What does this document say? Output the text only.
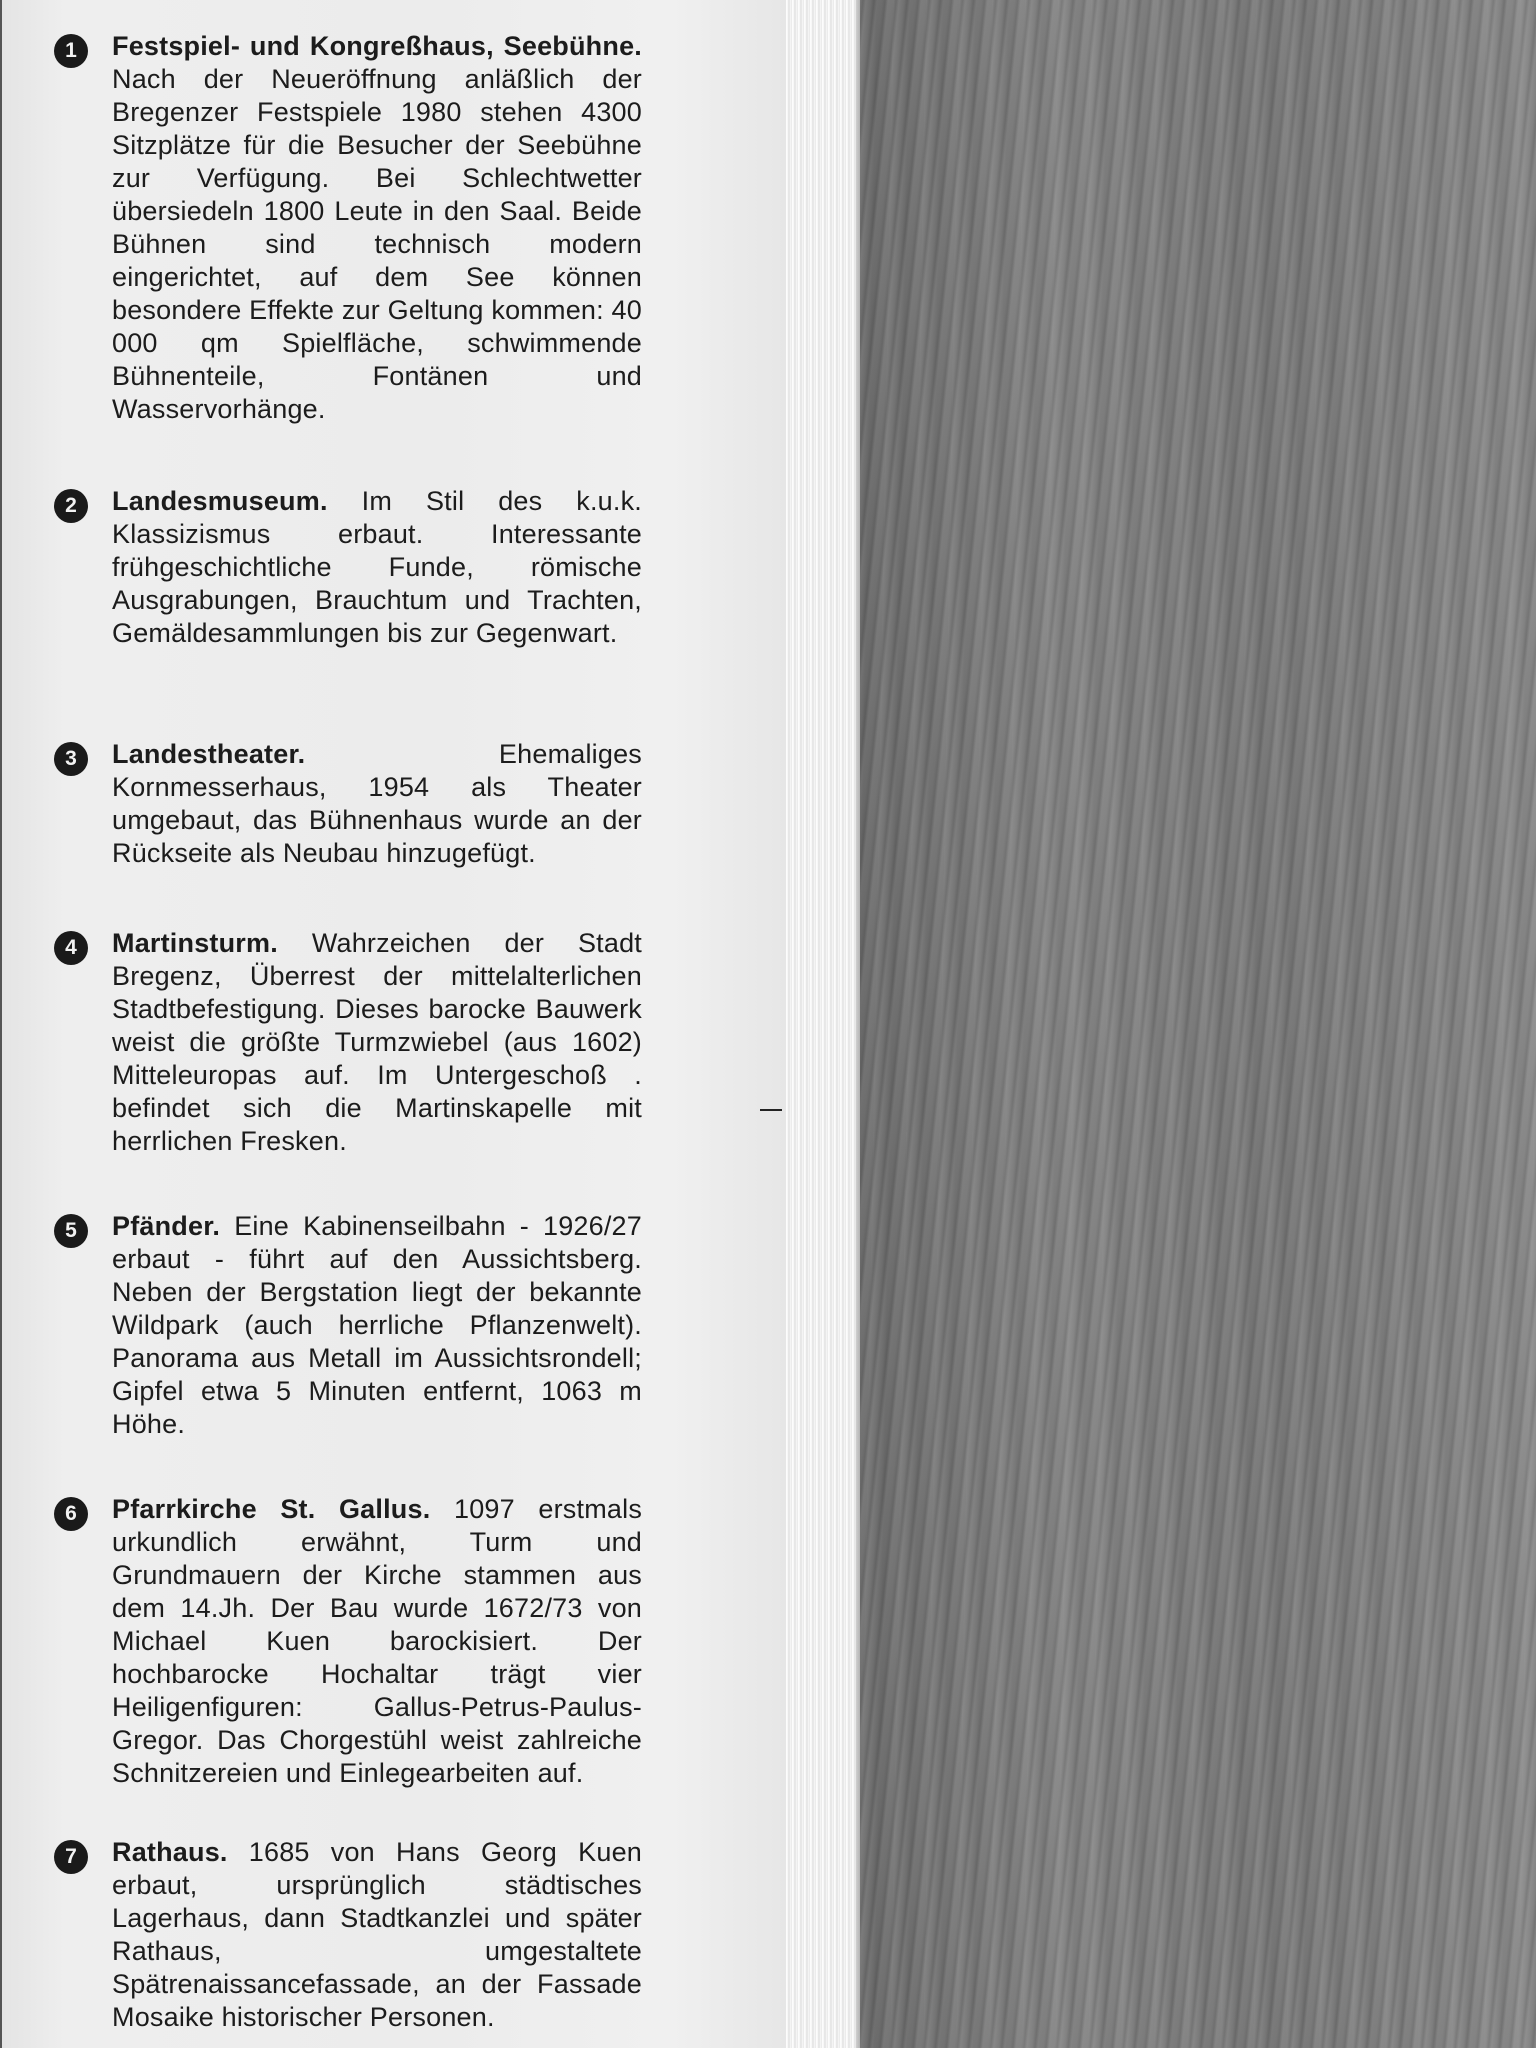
1	Festspiel- und Kongreßhaus, Seebühne. Nach der Neueröffnung anläßlich der Bregenzer Festspiele 1980 stehen 4300 Sitzplätze für die Besucher der Seebühne zur Verfügung. Bei Schlechtwetter übersiedeln 1800 Leute in den Saal. Beide Bühnen sind technisch modern eingerichtet, auf dem See können besondere Effekte zur Geltung kommen: 40 000 qm Spielfläche, schwimmende Bühnenteile, Fontänen und Wasservorhänge.
2	Landesmuseum. Im Stil des k.u.k. Klassizismus erbaut. Interessante frühgeschichtliche Funde, römische Ausgrabungen, Brauchtum und Trachten, Gemäldesammlungen bis zur Gegenwart.
3	Landestheater.	Ehemaliges Kornmesserhaus, 1954 als Theater umgebaut, das Bühnenhaus wurde an der Rückseite als Neubau hinzugefügt.
4	Martinsturm. Wahrzeichen der Stadt Bregenz, Überrest der mittelalterlichen Stadtbefestigung. Dieses barocke Bauwerk weist die größte Turmzwiebel (aus 1602) Mitteleuropas auf. Im Untergeschoß . befindet sich die Martinskapelle mit herrlichen Fresken.
5	Pfänder. Eine Kabinenseilbahn - 1926/27 erbaut - führt auf den Aussichtsberg. Neben der Bergstation liegt der bekannte Wildpark (auch herrliche Pflanzenwelt). Panorama aus Metall im Aussichtsrondell; Gipfel etwa 5 Minuten entfernt, 1063 m Höhe.
6	Pfarrkirche St. Gallus. 1097 erstmals urkundlich erwähnt, Turm und Grundmauern der Kirche stammen aus dem 14.Jh. Der Bau wurde 1672/73 von Michael Kuen barockisiert. Der hochbarocke Hochaltar trägt vier Heiligenfiguren: Gallus-Petrus-Paulus-Gregor. Das Chorgestühl weist zahlreiche Schnitzereien und Einlegearbeiten auf.
7	Rathaus. 1685 von Hans Georg Kuen erbaut, ursprünglich städtisches Lagerhaus, dann Stadtkanzlei und später Rathaus, umgestaltete Spätrenaissancefassade, an der Fassade Mosaike historischer Personen.
